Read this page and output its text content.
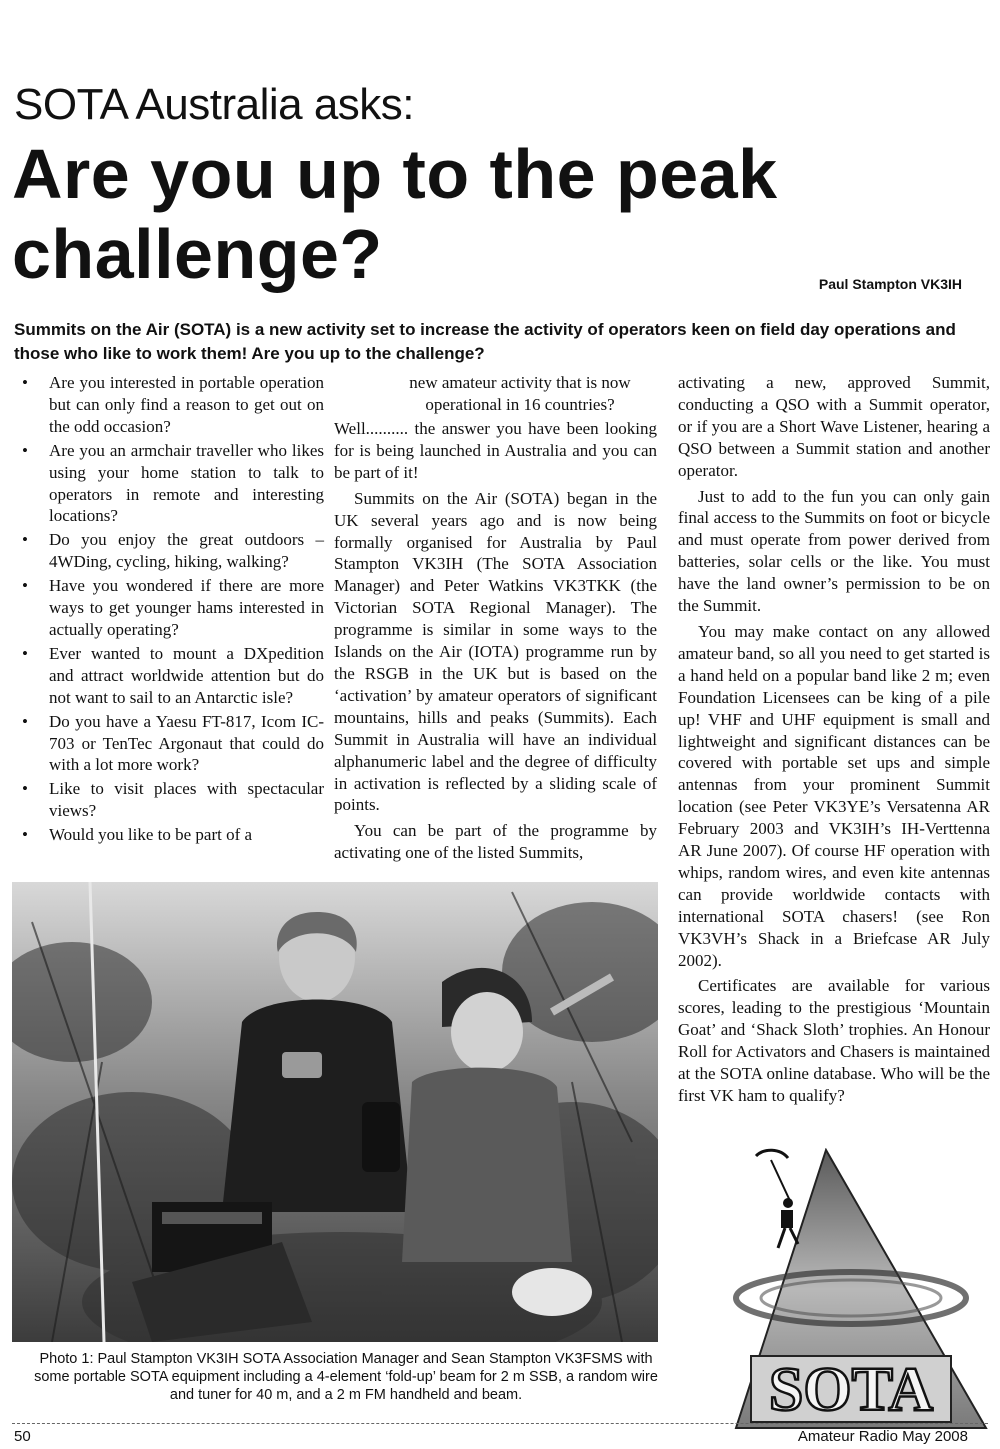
SOTA Australia asks:
Are you up to the peak challenge?	Paul Stampton VK3IH
Summits on the Air (SOTA) is a new activity set to increase the activity of operators keen on field day operations and those who like to work them! Are you up to the challenge?
• Are you interested in portable operation but can only find a reason to get out on the odd occasion?
• Are you an armchair traveller who likes using your home station to talk to operators in remote and interesting locations?
• Do you enjoy the great outdoors – 4WDing, cycling, hiking, walking?
• Have you wondered if there are more ways to get younger hams interested in actually operating?
• Ever wanted to mount a DXpedition and attract worldwide attention but do not want to sail to an Antarctic isle?
• Do you have a Yaesu FT-817, Icom IC-703 or TenTec Argonaut that could do with a lot more work?
• Like to visit places with spectacular views?
• Would you like to be part of a
new amateur activity that is now operational in 16 countries?

Well.......... the answer you have been looking for is being launched in Australia and you can be part of it!

Summits on the Air (SOTA) began in the UK several years ago and is now being formally organised for Australia by Paul Stampton VK3IH (The SOTA Association Manager) and Peter Watkins VK3TKK (the Victorian SOTA Regional Manager). The programme is similar in some ways to the Islands on the Air (IOTA) programme run by the RSGB in the UK but is based on the ‘activation’ by amateur operators of significant mountains, hills and peaks (Summits). Each Summit in Australia will have an individual alphanumeric label and the degree of difficulty in activation is reflected by a sliding scale of points.

You can be part of the programme by activating one of the listed Summits,

activating a new, approved Summit, conducting a QSO with a Summit operator, or if you are a Short Wave Listener, hearing a QSO between a Summit station and another operator.

Just to add to the fun you can only gain final access to the Summits on foot or bicycle and must operate from power derived from batteries, solar cells or the like. You must have the land owner’s permission to be on the Summit.

You may make contact on any allowed amateur band, so all you need to get started is a hand held on a popular band like 2 m; even Foundation Licensees can be king of a pile up! VHF and UHF equipment is small and lightweight and significant distances can be covered with portable set ups and simple antennas from your prominent Summit location (see Peter VK3YE’s Versatenna AR February 2003 and VK3IH’s IH-Verttenna AR June 2007). Of course HF operation with whips, random wires, and even kite antennas can provide worldwide contacts with international SOTA chasers! (see Ron VK3VH’s Shack in a Briefcase AR July 2002).

Certificates are available for various scores, leading to the prestigious ‘Mountain Goat’ and ‘Shack Sloth’ trophies. An Honour Roll for Activators and Chasers is maintained at the SOTA online database. Who will be the first VK ham to qualify?

Photo 1: Paul Stampton VK3IH SOTA Association Manager and Sean Stampton VK3FSMS with some portable SOTA equipment including a 4-element ‘fold-up’ beam for 2 m SSB, a random wire and tuner for 40 m, and a 2 m FM handheld and beam.	SOTA
50	Amateur Radio May 2008
